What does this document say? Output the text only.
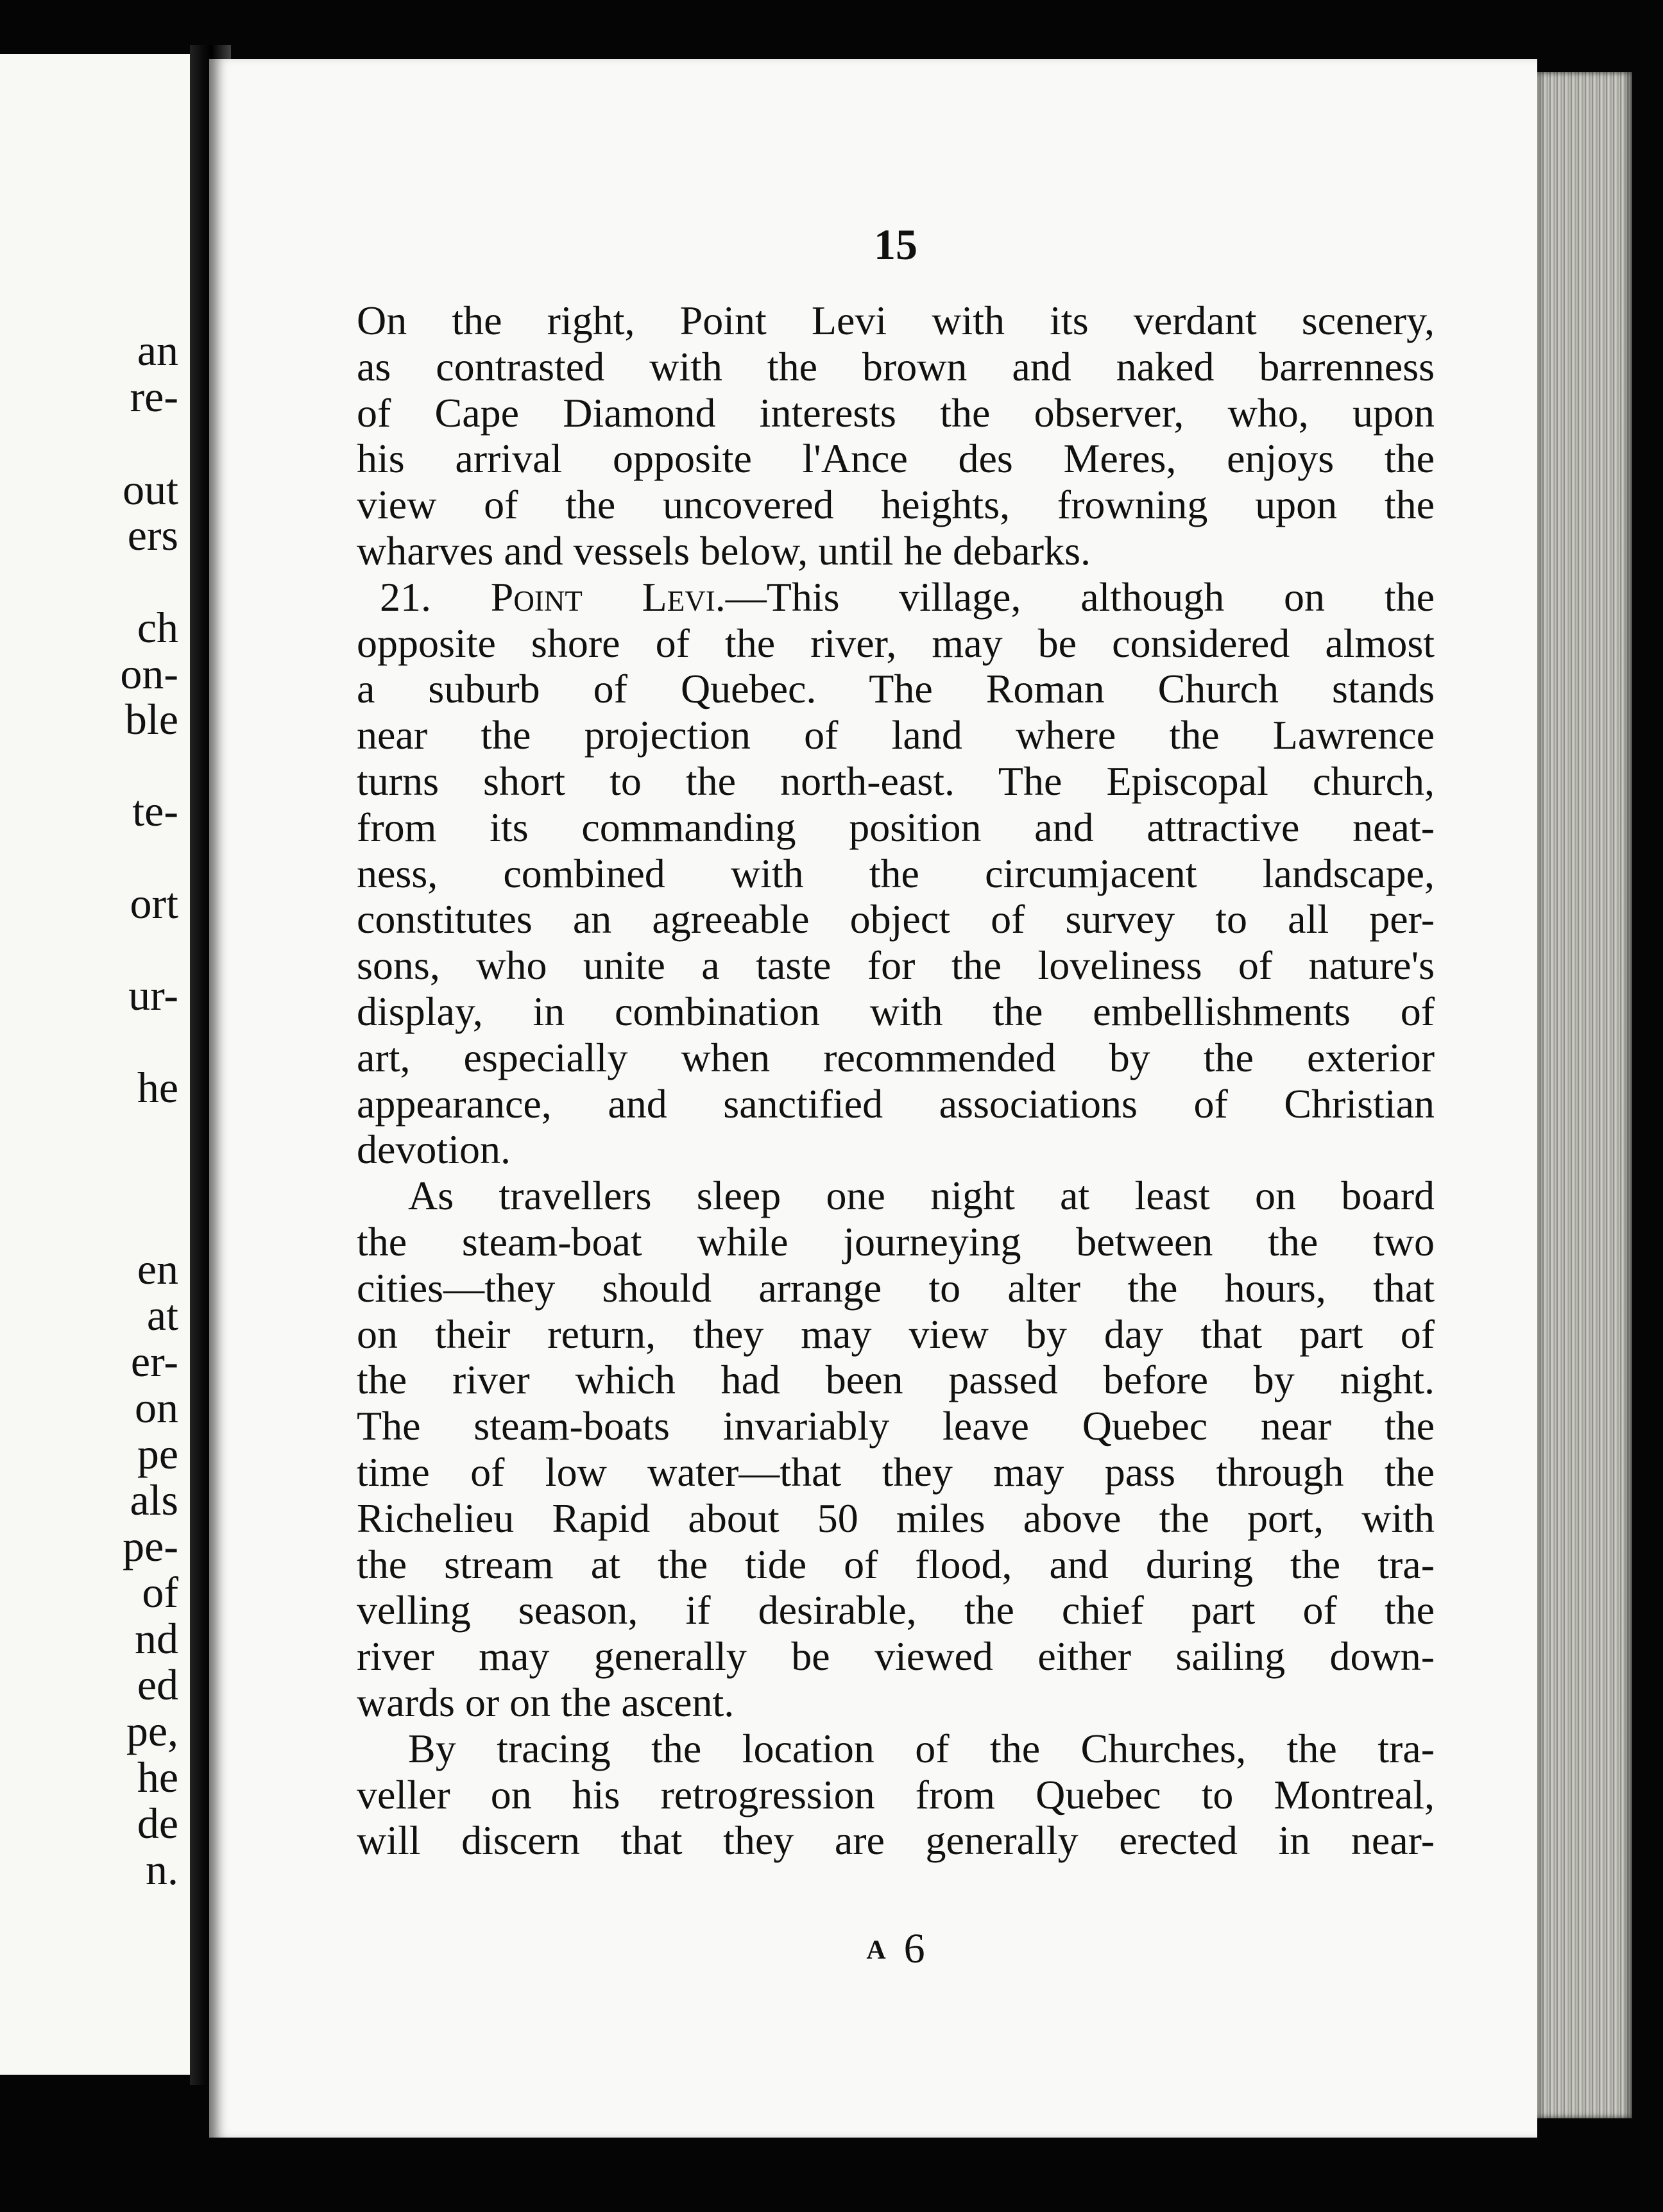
an
re-
out
ers
ch
on-
ble
te-
ort
ur-
he
en
at
er-
on
pe
als
pe-
of
nd
ed
pe,
he
de
n.
15
On the right, Point Levi with its verdant scenery,
as contrasted with the brown and naked barrenness
of Cape Diamond interests the observer, who, upon
his arrival opposite l'Ance des Meres, enjoys the
view of the uncovered heights, frowning upon the
wharves and vessels below, until he debarks.
21. Point Levi.—This village, although on the
opposite shore of the river, may be considered almost
a suburb of Quebec. The Roman Church stands
near the projection of land where the Lawrence
turns short to the north-east. The Episcopal church,
from its commanding position and attractive neat-
ness, combined with the circumjacent landscape,
constitutes an agreeable object of survey to all per-
sons, who unite a taste for the loveliness of nature's
display, in combination with the embellishments of
art, especially when recommended by the exterior
appearance, and sanctified associations of Christian
devotion.
As travellers sleep one night at least on board
the steam-boat while journeying between the two
cities—they should arrange to alter the hours, that
on their return, they may view by day that part of
the river which had been passed before by night.
The steam-boats invariably leave Quebec near the
time of low water—that they may pass through the
Richelieu Rapid about 50 miles above the port, with
the stream at the tide of flood, and during the tra-
velling season, if desirable, the chief part of the
river may generally be viewed either sailing down-
wards or on the ascent.
By tracing the location of the Churches, the tra-
veller on his retrogression from Quebec to Montreal,
will discern that they are generally erected in near-
A 6
